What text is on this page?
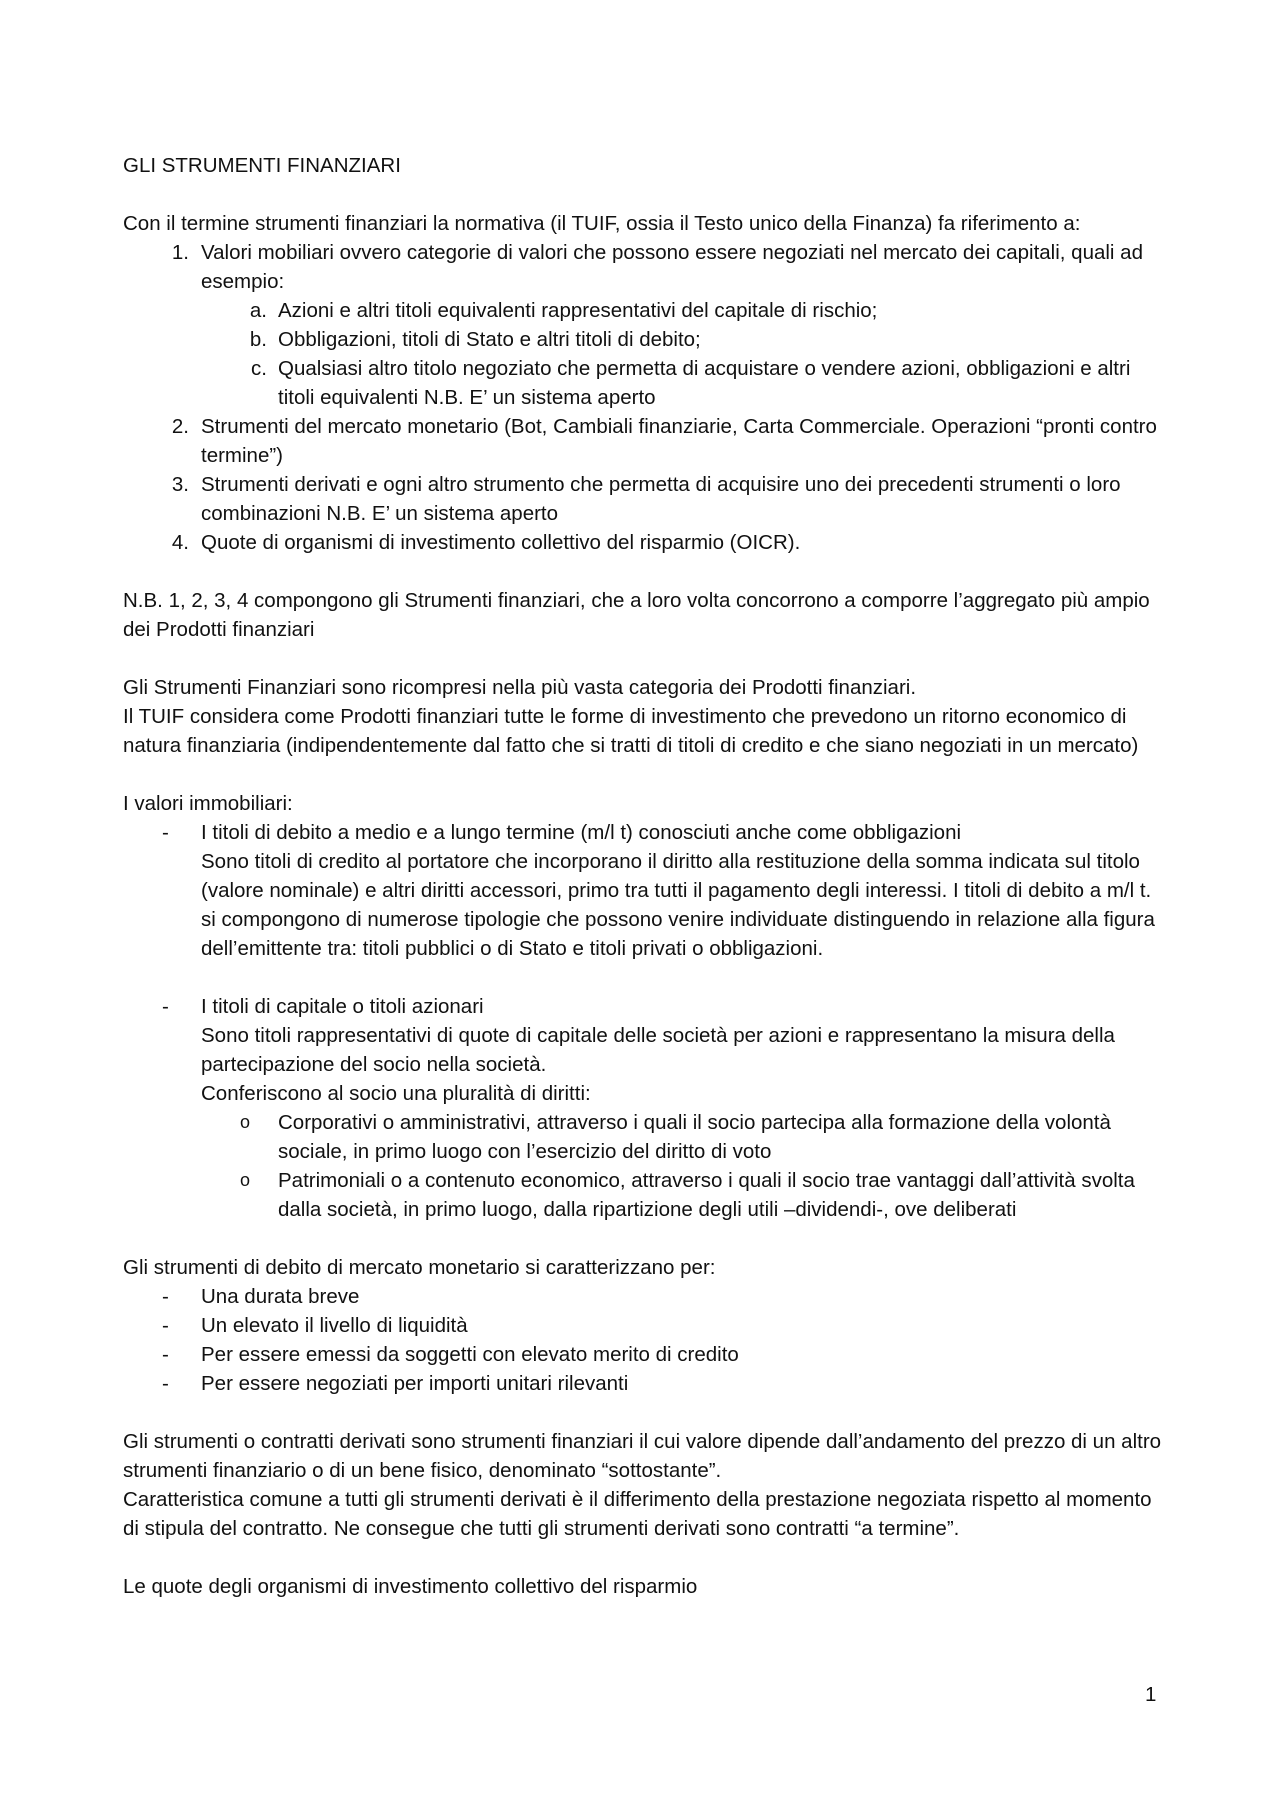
GLI STRUMENTI FINANZIARI

Con il termine strumenti finanziari la normativa (il TUIF, ossia il Testo unico della Finanza) fa riferimento a:

1. Valori mobiliari ovvero categorie di valori che possono essere negoziati nel mercato dei capitali, quali ad esempio:
a. Azioni e altri titoli equivalenti rappresentativi del capitale di rischio;
b. Obbligazioni, titoli di Stato e altri titoli di debito;
c. Qualsiasi altro titolo negoziato che permetta di acquistare o vendere azioni, obbligazioni e altri titoli equivalenti N.B. E’ un sistema aperto
2. Strumenti del mercato monetario (Bot, Cambiali finanziarie, Carta Commerciale. Operazioni “pronti contro termine”)
3. Strumenti derivati e ogni altro strumento che permetta di acquisire uno dei precedenti strumenti o loro combinazioni N.B. E’ un sistema aperto
4. Quote di organismi di investimento collettivo del risparmio (OICR).

N.B. 1, 2, 3, 4 compongono gli Strumenti finanziari, che a loro volta concorrono a comporre l’aggregato più ampio dei Prodotti finanziari

Gli Strumenti Finanziari sono ricompresi nella più vasta categoria dei Prodotti finanziari.

Il TUIF considera come Prodotti finanziari tutte le forme di investimento che prevedono un ritorno economico di natura finanziaria (indipendentemente dal fatto che si tratti di titoli di credito e che siano negoziati in un mercato)

I valori immobiliari:

- I titoli di debito a medio e a lungo termine (m/l t) conosciuti anche come obbligazioni

Sono titoli di credito al portatore che incorporano il diritto alla restituzione della somma indicata sul titolo (valore nominale) e altri diritti accessori, primo tra tutti il pagamento degli interessi. I titoli di debito a m/l t. si compongono di numerose tipologie che possono venire individuate distinguendo in relazione alla figura dell’emittente tra: titoli pubblici o di Stato e titoli privati o obbligazioni.

- I titoli di capitale o titoli azionari

Sono titoli rappresentativi di quote di capitale delle società per azioni e rappresentano la misura della partecipazione del socio nella società.

Conferiscono al socio una pluralità di diritti:

o Corporativi o amministrativi, attraverso i quali il socio partecipa alla formazione della volontà sociale, in primo luogo con l’esercizio del diritto di voto
o Patrimoniali o a contenuto economico, attraverso i quali il socio trae vantaggi dall’attività svolta dalla società, in primo luogo, dalla ripartizione degli utili –dividendi-, ove deliberati

Gli strumenti di debito di mercato monetario si caratterizzano per:

- Una durata breve
- Un elevato il livello di liquidità
- Per essere emessi da soggetti con elevato merito di credito
- Per essere negoziati per importi unitari rilevanti

Gli strumenti o contratti derivati sono strumenti finanziari il cui valore dipende dall’andamento del prezzo di un altro strumenti finanziario o di un bene fisico, denominato “sottostante”.

Caratteristica comune a tutti gli strumenti derivati è il differimento della prestazione negoziata rispetto al momento di stipula del contratto. Ne consegue che tutti gli strumenti derivati sono contratti “a termine”.

Le quote degli organismi di investimento collettivo del risparmio

1
